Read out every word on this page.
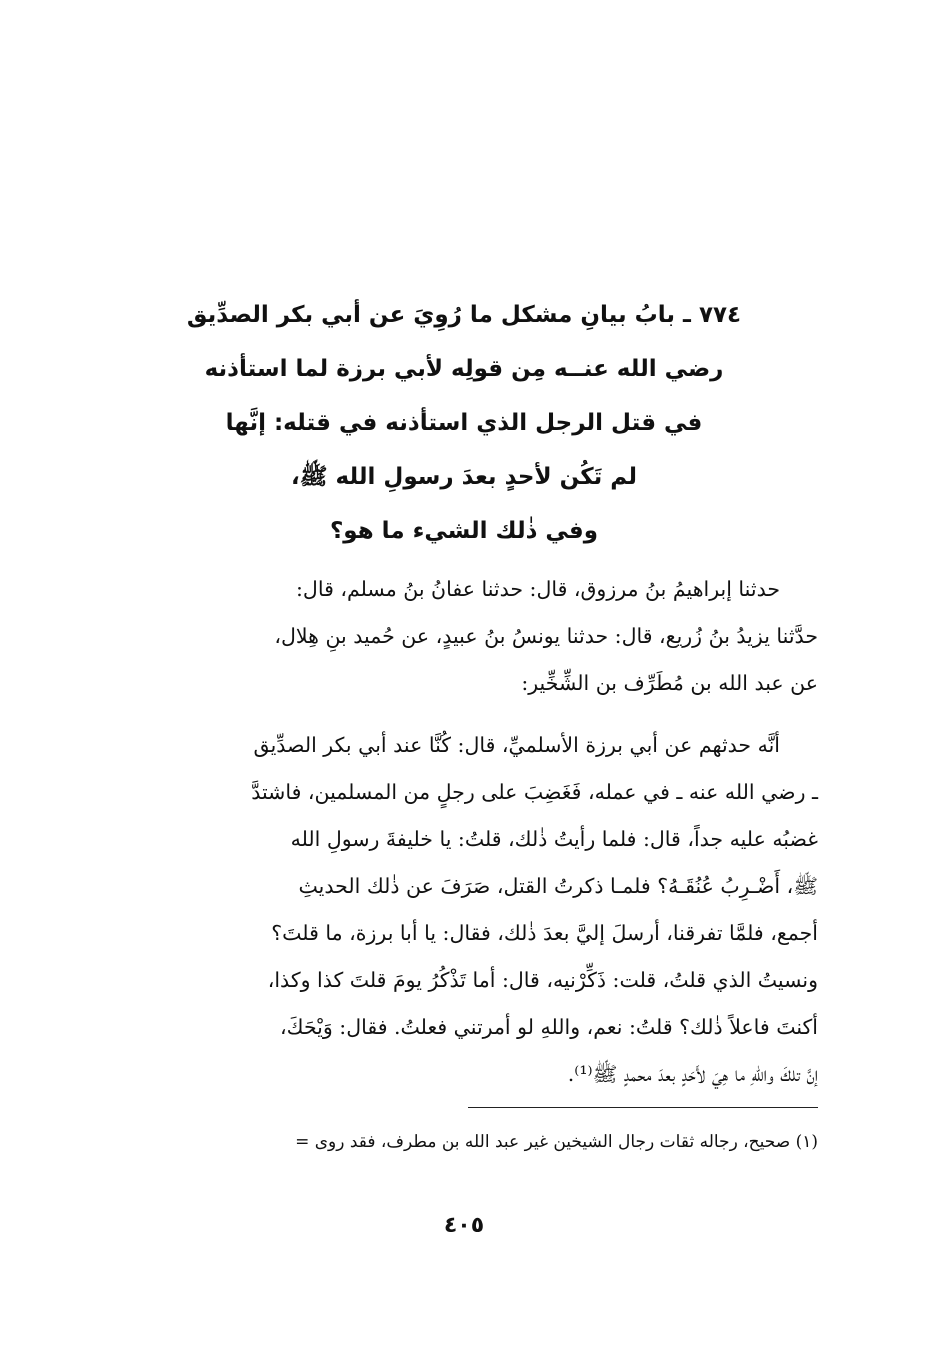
٧٧٤ ـ بابُ بيانِ مشكل ما رُوِيَ عن أبي بكر الصدِّيق
رضي الله عنــه مِن قولِه لأبي برزة لما استأذنه
في قتل الرجل الذي استأذنه في قتله: إنَّها
لم تَكُن لأحدٍ بعدَ رسولِ الله ﷺ،
وفي ذٰلك الشيء ما هو؟
حدثنا إبراهيمُ بنُ مرزوق، قال: حدثنا عفانُ بنُ مسلم، قال:
حدَّثنا يزيدُ بنُ زُريع، قال: حدثنا يونسُ بنُ عبيدٍ، عن حُميد بنِ هِلال،
عن عبد الله بن مُطَرِّف بن الشِّخِّير:
أنَّه حدثهم عن أبي برزة الأسلميِّ، قال: كُنَّا عند أبي بكر الصدِّيق
ـ رضي الله عنه ـ في عمله، فَغَضِبَ على رجلٍ من المسلمين، فاشتدَّ
غضبُه عليه جداً، قال: فلما رأيتُ ذٰلك، قلتُ: يا خليفةَ رسولِ الله
ﷺ، أَضْـرِبُ عُنُقَـهُ؟ فلمـا ذكرتُ القتل، صَرَفَ عن ذٰلك الحديثِ
أجمع، فلمَّا تفرقنا، أرسلَ إليَّ بعدَ ذٰلك، فقال: يا أبا برزة، ما قلتَ؟
ونسيتُ الذي قلتُ، قلت: ذَكِّرْنيه، قال: أما تَذْكُرُ يومَ قلتَ كذا وكذا،
أكنتَ فاعلاً ذٰلك؟ قلتُ: نعم، واللهِ لو أمرتني فعلتُ. فقال: وَيْحَكَ،
إنَّ تلكَ واللهِ ما هِيَ لأَحَدٍ بعدَ محمدٍ ﷺ⁽¹⁾.
(١) صحيح، رجاله ثقات رجال الشيخين غير عبد الله بن مطرف، فقد روى =
٤٠٥
